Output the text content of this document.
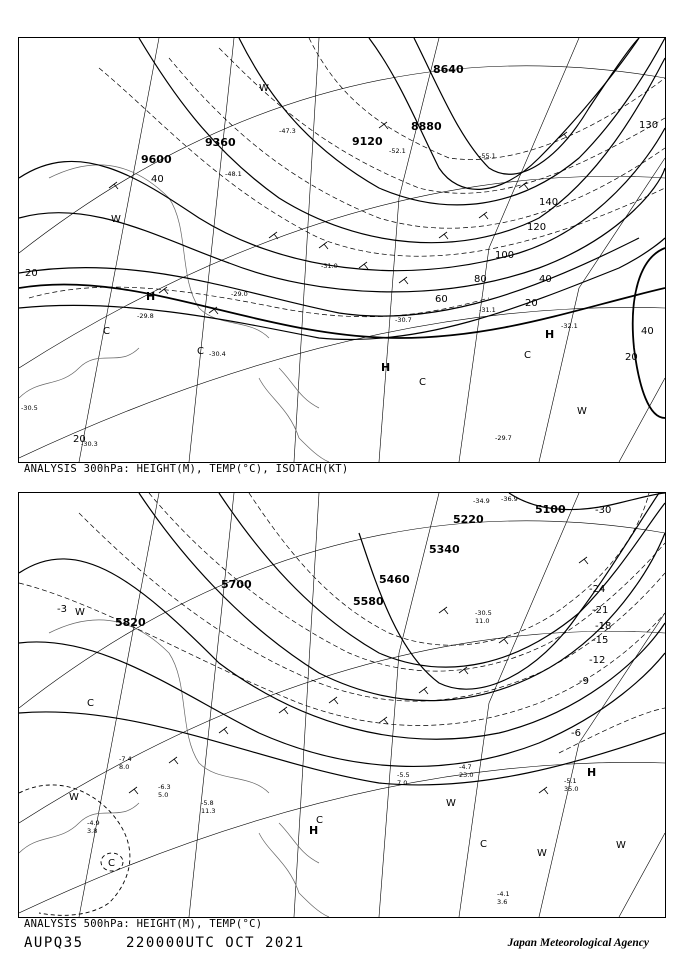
9600
9360	9120
8880
8640
20
40
60
80
100
120
140
130
40
20
20
40
20
H
H
H
C
C
C
C
W
W
W
-29.8
-30.4
-29.0
-31.0
-30.7
-31.1
-32.1
-29.7
-30.3
-30.5
-47.3
-52.1
-55.1
-48.1
ANALYSIS 300hPa: HEIGHT(M), TEMP(°C), ISOTACH(KT)
5100
5220
5340
5460
5580
5700
5820
-3
-6
-9
-12
-15
-18
-21
-24
-30
H
H
C
C
C
C
W
W
W
W
W
-4.1
3.6
-5.1
35.0
-4.7
23.0
-5.5
7.0
-6.3
5.0
-5.8
11.3
-4.9
3.8
-7.4
8.0
-34.9 -36.9
-30.5
11.0
ANALYSIS 500hPa: HEIGHT(M), TEMP(°C)
AUPQ35	220000UTC OCT 2021	Japan Meteorological Agency
